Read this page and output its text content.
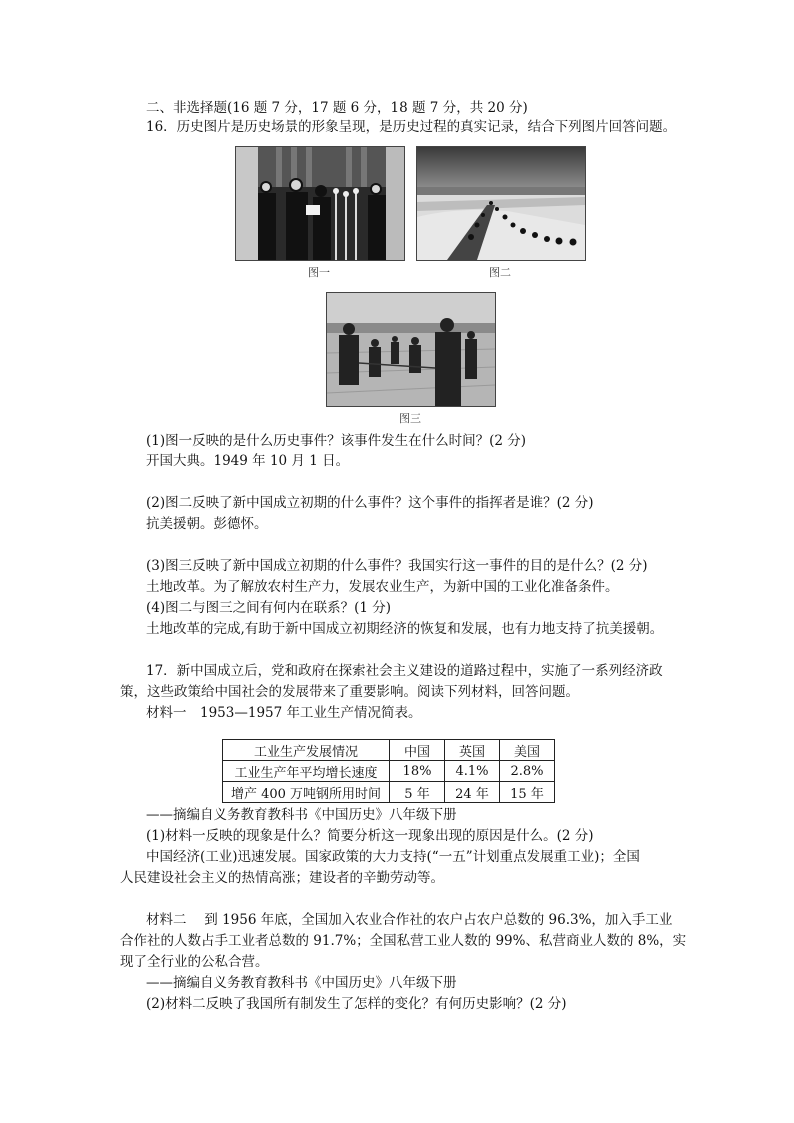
二、非选择题(16 题 7 分，17 题 6 分，18 题 7 分，共 20 分)
16．历史图片是历史场景的形象呈现，是历史过程的真实记录，结合下列图片回答问题。
图一	图二
图三
(1)图一反映的是什么历史事件？该事件发生在什么时间？(2 分)
开国大典。1949 年 10 月 1 日。
(2)图二反映了新中国成立初期的什么事件？这个事件的指挥者是谁？(2 分)
抗美援朝。彭德怀。
(3)图三反映了新中国成立初期的什么事件？我国实行这一事件的目的是什么？(2 分)
土地改革。为了解放农村生产力，发展农业生产，为新中国的工业化准备条件。
(4)图二与图三之间有何内在联系？(1 分)
土地改革的完成,有助于新中国成立初期经济的恢复和发展，也有力地支持了抗美援朝。
17．新中国成立后，党和政府在探索社会主义建设的道路过程中，实施了一系列经济政
策，这些政策给中国社会的发展带来了重要影响。阅读下列材料，回答问题。
材料一　1953—1957 年工业生产情况简表。
工业生产发展情况	中国	英国	美国
工业生产年平均增长速度	18%	4.1%	2.8%
增产 400 万吨钢所用时间	5 年	24 年	15 年
——摘编自义务教育教科书《中国历史》八年级下册
(1)材料一反映的现象是什么？简要分析这一现象出现的原因是什么。(2 分)
中国经济(工业)迅速发展。国家政策的大力支持(“一五”计划重点发展重工业)；全国
人民建设社会主义的热情高涨；建设者的辛勤劳动等。
材料二　 到 1956 年底，全国加入农业合作社的农户占农户总数的 96.3%，加入手工业
合作社的人数占手工业者总数的 91.7%；全国私营工业人数的 99%、私营商业人数的 8%，实
现了全行业的公私合营。
——摘编自义务教育教科书《中国历史》八年级下册
(2)材料二反映了我国所有制发生了怎样的变化？有何历史影响？(2 分)
